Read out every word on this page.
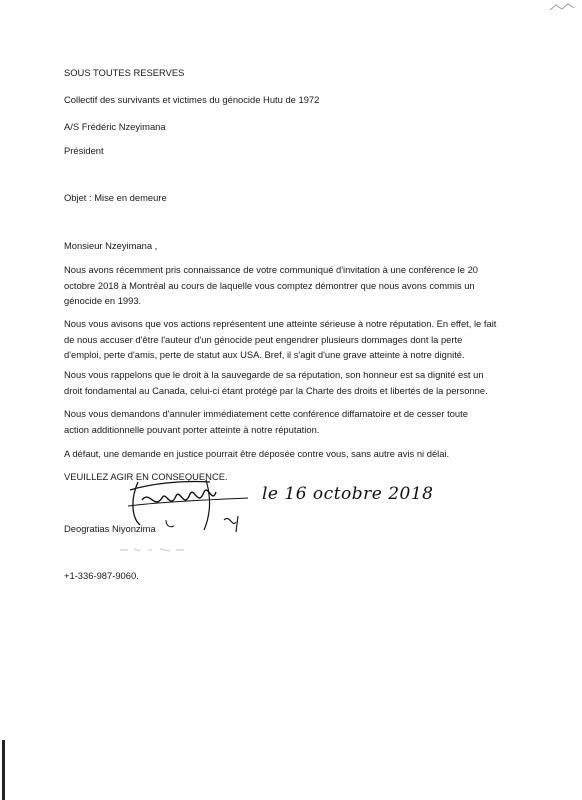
SOUS TOUTES RESERVES
Collectif des survivants et victimes du génocide Hutu de 1972
A/S Frédéric Nzeyimana
Président
Objet : Mise en demeure
Monsieur Nzeyimana ,
Nous avons récemment pris connaissance de votre communiqué d'invitation à une conférence le 20
octobre 2018 à Montréal au cours de laquelle vous comptez démontrer que nous avons commis un
génocide en 1993.
Nous vous avisons que vos actions représentent une atteinte sérieuse à notre réputation. En effet, le fait
de nous accuser d'être l'auteur d'un génocide peut engendrer plusieurs dommages dont la perte
d'emploi, perte d'amis, perte de statut aux USA. Bref, il s'agit d'une grave atteinte à notre dignité.
Nous vous rappelons que le droit à la sauvegarde de sa réputation, son honneur est sa dignité est un
droit fondamental au Canada, celui-ci étant protégé par la Charte des droits et libertés de la personne.
Nous vous demandons d'annuler immédiatement cette conférence diffamatoire et de cesser toute
action additionnelle pouvant porter atteinte à notre réputation.
A défaut, une demande en justice pourrait être déposée contre vous, sans autre avis ni délai.
VEUILLEZ AGIR EN CONSEQUENCE.
le 16 octobre 2018
Deogratias Niyonzima
+1-336-987-9060.
